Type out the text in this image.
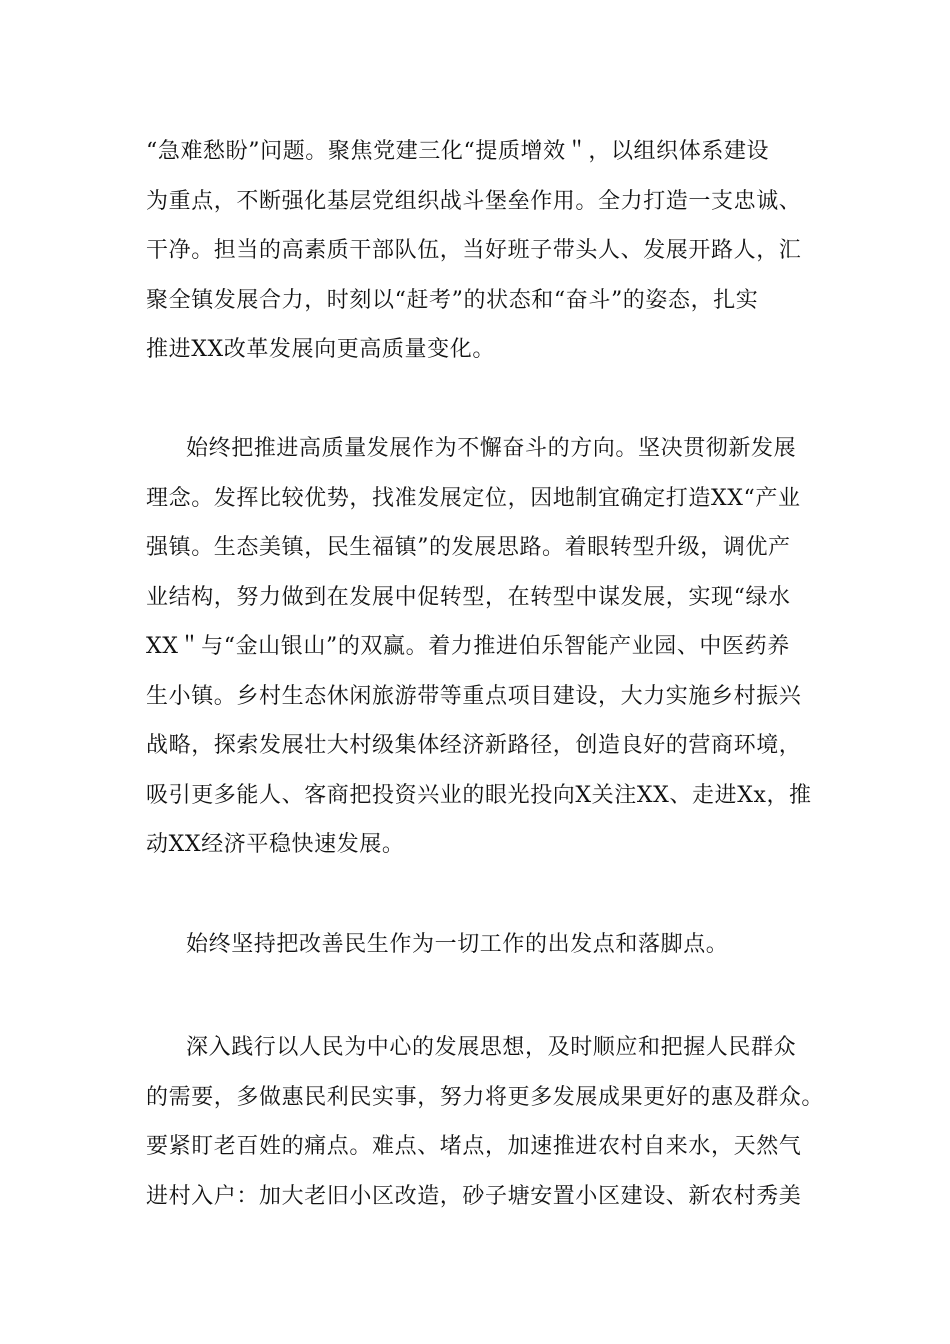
“急难愁盼”问题。聚焦党建三化“提质增效＂，以组织体系建设
为重点，不断强化基层党组织战斗堡垒作用。全力打造一支忠诚、
干净。担当的高素质干部队伍，当好班子带头人、发展开路人，汇
聚全镇发展合力，时刻以“赶考”的状态和“奋斗”的姿态，扎实
推进XX改革发展向更高质量变化。
始终把推进高质量发展作为不懈奋斗的方向。坚决贯彻新发展
理念。发挥比较优势，找准发展定位，因地制宜确定打造XX“产业
强镇。生态美镇，民生福镇”的发展思路。着眼转型升级，调优产
业结构，努力做到在发展中促转型，在转型中谋发展，实现“绿水
XX＂与“金山银山”的双赢。着力推进伯乐智能产业园、中医药养
生小镇。乡村生态休闲旅游带等重点项目建设，大力实施乡村振兴
战略，探索发展壮大村级集体经济新路径，创造良好的营商环境，
吸引更多能人、客商把投资兴业的眼光投向X关注XX、走进Xx，推
动XX经济平稳快速发展。
始终坚持把改善民生作为一切工作的出发点和落脚点。
深入践行以人民为中心的发展思想，及时顺应和把握人民群众
的需要，多做惠民利民实事，努力将更多发展成果更好的惠及群众。
要紧盯老百姓的痛点。难点、堵点，加速推进农村自来水，天然气
进村入户：加大老旧小区改造，砂子塘安置小区建设、新农村秀美
